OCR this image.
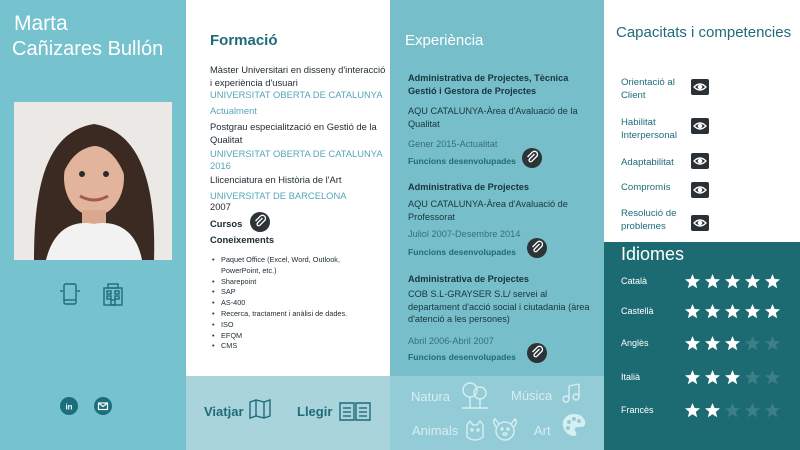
Marta
Cañizares Bullón
in
Formació
Màster Universitari en disseny d'interacció i experiència d'usuari
UNIVERSITAT OBERTA DE CATALUNYA
Actualment
Postgrau especialització en Gestió de la Qualitat
UNIVERSITAT OBERTA DE CATALUNYA
2016
Llicenciatura en Història de l'Art
UNIVERSITAT DE BARCELONA
2007
Cursos
Coneixements
• Paquet Office (Excel, Word, Outlook, PowerPoint, etc.)
• Sharepoint
• SAP
• AS-400
• Recerca, tractament i anàlisi de dades.
• ISO
• EFQM
• CMS
Viatjar	Llegir
Experiència
Administrativa de Projectes, Tècnica Gestió i Gestora de Projectes
AQU CATALUNYA-Àrea d'Avaluació de la Qualitat
Gener 2015-Actualitat
Funcions desenvolupades
Administrativa de Projectes
AQU CATALUNYA-Àrea d'Avaluació de Professorat
Juliol 2007-Desembre 2014
Funcions desenvolupades
Administrativa de Projectes
COB S.L-GRAYSER S.L/ servei al departament d'acció social i ciutadania (àrea d'atenció a les persones)
Abril 2006-Abril 2007
Funcions desenvolupades
Natura	Música
Animals	Art
Capacitats i competencies
Orientació al Client
Habilitat Interpersonal
Adaptabilitat
Compromís
Resolució de problemes
Idiomes
Català
Castellà
Anglès
Italià
Francès
